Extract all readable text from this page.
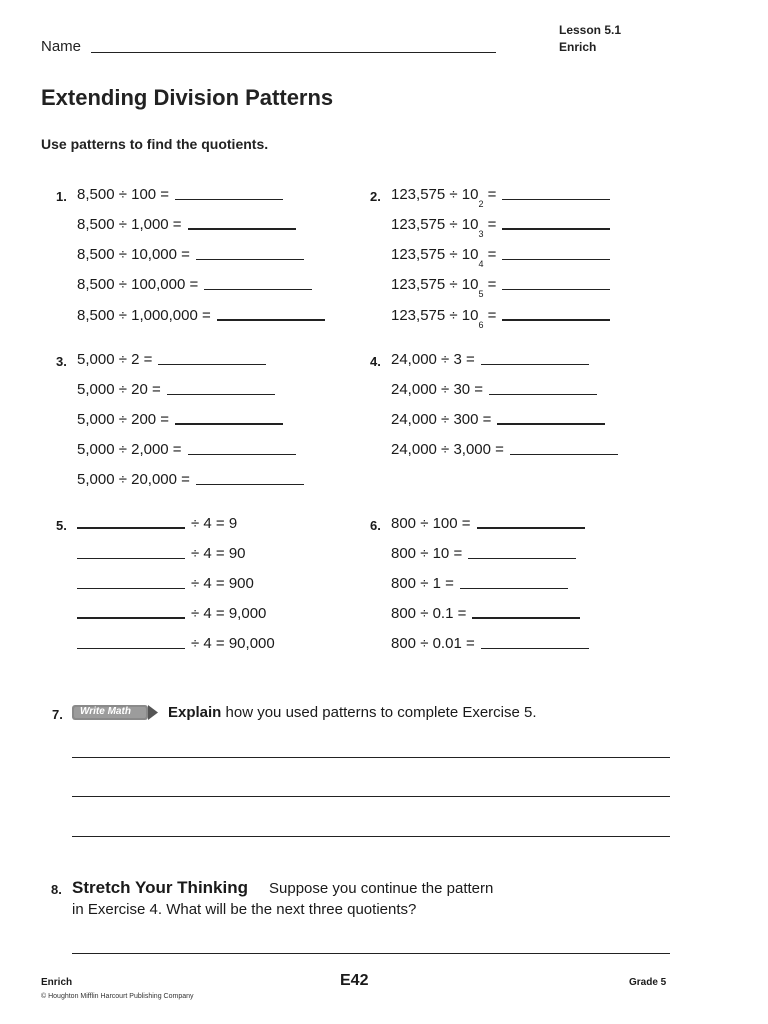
Lesson 5.1
Enrich
Name
Extending Division Patterns
Use patterns to find the quotients.
1. 8,500 ÷ 100 =
8,500 ÷ 1,000 =
8,500 ÷ 10,000 =
8,500 ÷ 100,000 =
8,500 ÷ 1,000,000 =
2. 123,575 ÷ 10
2

=
123,575 ÷ 10
3

=
123,575 ÷ 10
4

=
123,575 ÷ 10
5

=
123,575 ÷ 10
6

=
3. 5,000 ÷ 2 =
5,000 ÷ 20 =
5,000 ÷ 200 =
5,000 ÷ 2,000 =
5,000 ÷ 20,000 =
4. 24,000 ÷ 3 =
24,000 ÷ 30 =
24,000 ÷ 300 =
24,000 ÷ 3,000 =
5.	÷ 4 = 9
÷ 4 = 90
÷ 4 = 900
÷ 4 = 9,000
÷ 4 = 90,000
6. 800 ÷ 100 =
800 ÷ 10 =
800 ÷ 1 =
800 ÷ 0.1 =
800 ÷ 0.01 =
7. Write Math Explain how you used patterns to complete Exercise 5.
8. Stretch Your Thinking Suppose you continue the pattern
in Exercise 4. What will be the next three quotients?
Enrich
© Houghton Mifflin Harcourt Publishing Company
E42	Grade 5
